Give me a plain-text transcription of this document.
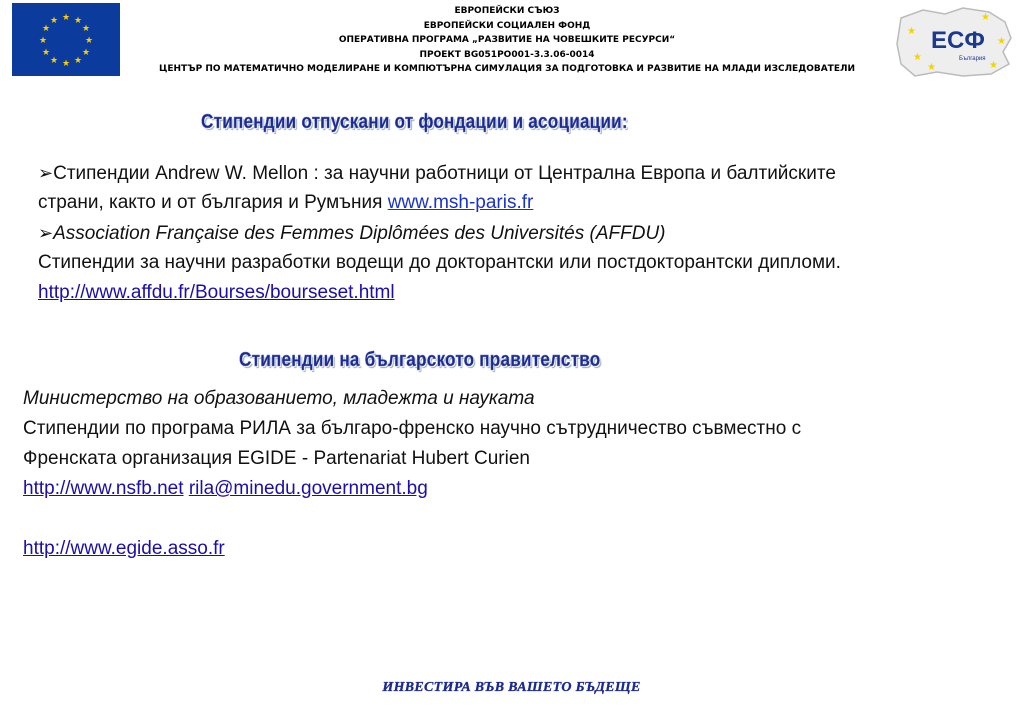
★ ★
★
★
★
★
★
★
★
★
★
★
ЕВРОПЕЙСКИ СЪЮЗ
ЕВРОПЕЙСКИ СОЦИАЛЕН ФОНД
ОПЕРАТИВНА ПРОГРАМА „РАЗВИТИЕ НА ЧОВЕШКИТЕ РЕСУРСИ“
ПРОЕКТ BG051PO001-3.3.06-0014
ЦЕНТЪР ПО МАТЕМАТИЧНО МОДЕЛИРАНЕ И КОМПЮТЪРНА СИМУЛАЦИЯ ЗА ПОДГОТОВКА И РАЗВИТИЕ НА МЛАДИ ИЗСЛЕДОВАТЕЛИ
★
★
★
★
★
★
ЕСФ
България
Стипендии отпускани от фондации и асоциации:
➢Стипендии Andrew W. Mellon : за научни работници от Централна Европа и балтийските
страни, както и от българия и Румъния www.msh-paris.fr
➢Association Française des Femmes Diplômées des Universités (AFFDU)
Стипендии за научни разработки водещи до докторантски или постдокторантски дипломи.
http://www.affdu.fr/Bourses/bourseset.html
Стипендии на българското правителство
Министерство на образованието, младежта и науката
Стипендии по програма РИЛА за българо-френско научно сътрудничество съвместно с
Френската организация EGIDE - Partenariat Hubert Curien
http://www.nsfb.net rila@minedu.government.bg
http://www.egide.asso.fr
ИНВЕСТИРА ВЪВ ВАШЕТО БЪДЕЩЕ
